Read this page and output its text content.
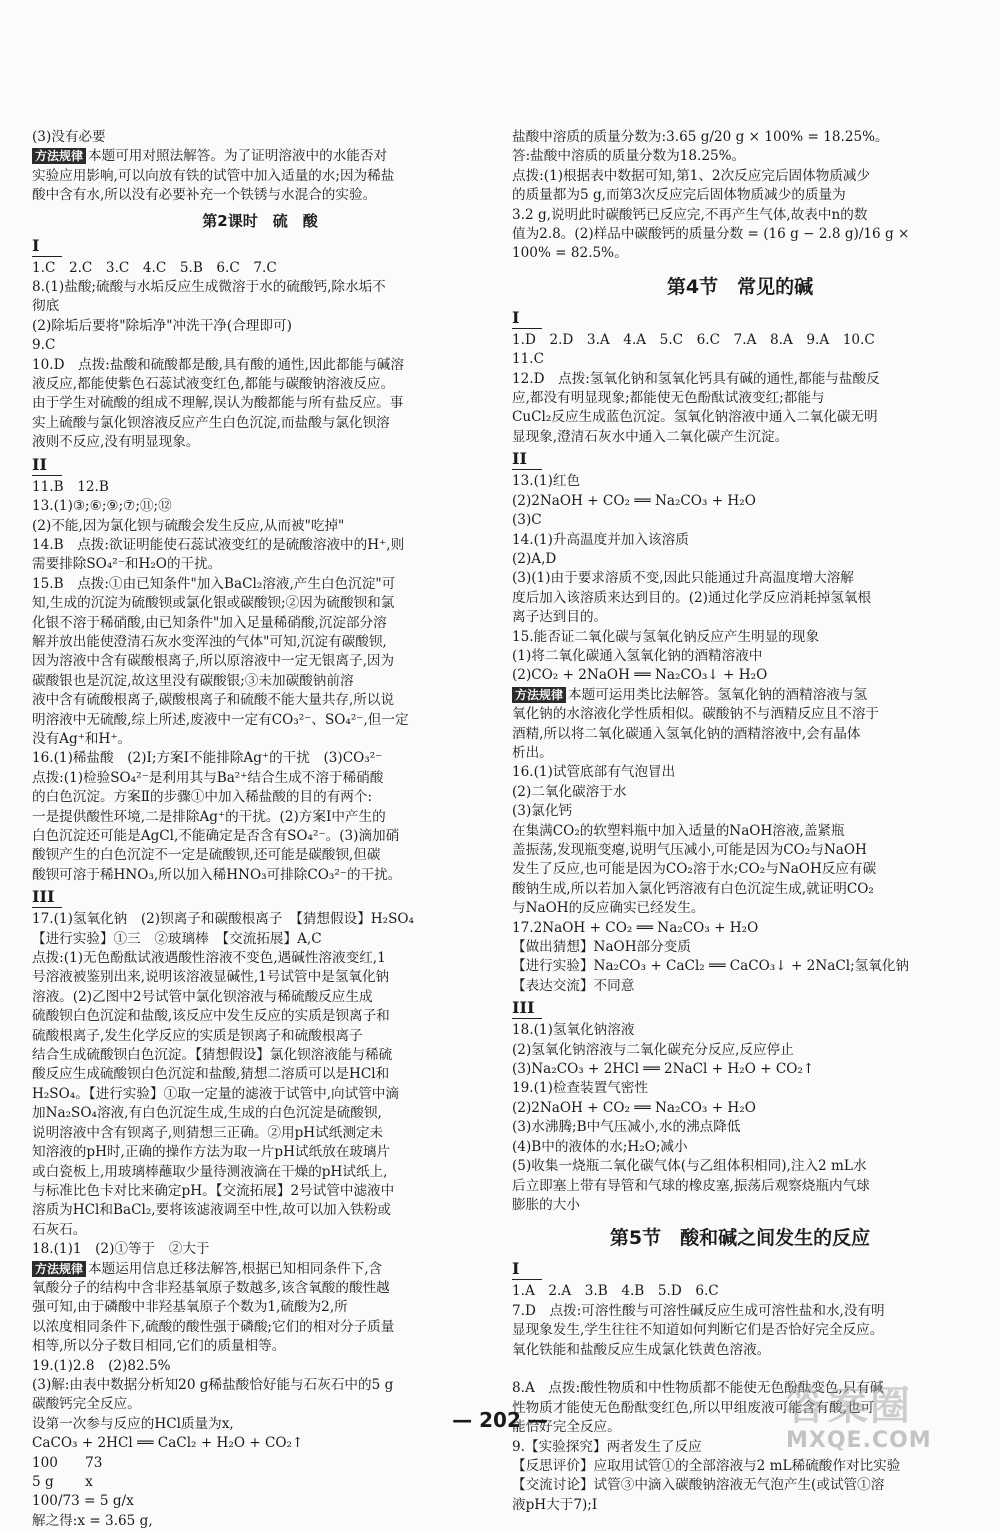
(3)没有必要
方法规律 本题可用对照法解答。为了证明溶液中的水能否对
实验应用影响,可以向放有铁的试管中加入适量的水;因为稀盐
酸中含有水,所以没有必要补充一个铁锈与水混合的实验。
第2课时　硫　酸
I
1.C　2.C　3.C　4.C　5.B　6.C　7.C
8.(1)盐酸;硫酸与水垢反应生成微溶于水的硫酸钙,除水垢不
彻底
(2)除垢后要将"除垢净"冲洗干净(合理即可)
9.C
10.D　点拨:盐酸和硫酸都是酸,具有酸的通性,因此都能与碱溶
液反应,都能使紫色石蕊试液变红色,都能与碳酸钠溶液反应。
由于学生对硫酸的组成不理解,误认为酸都能与所有盐反应。事
实上硫酸与氯化钡溶液反应产生白色沉淀,而盐酸与氯化钡溶
液则不反应,没有明显现象。
II
11.B　12.B
13.(1)③;⑥;⑨;⑦;⑪;⑫
(2)不能,因为氯化钡与硫酸会发生反应,从而被"吃掉"
14.B　点拨:欲证明能使石蕊试液变红的是硫酸溶液中的H⁺,则
需要排除SO₄²⁻和H₂O的干扰。
15.B　点拨:①由已知条件"加入BaCl₂溶液,产生白色沉淀"可
知,生成的沉淀为硫酸钡或氯化银或碳酸钡;②因为硫酸钡和氯
化银不溶于稀硝酸,由已知条件"加入足量稀硝酸,沉淀部分溶
解并放出能使澄清石灰水变浑浊的气体"可知,沉淀有碳酸钡,
因为溶液中含有碳酸根离子,所以原溶液中一定无银离子,因为
碳酸银也是沉淀,故这里没有碳酸银;③未加碳酸钠前溶
液中含有硫酸根离子,碳酸根离子和硫酸不能大量共存,所以说
明溶液中无硫酸,综上所述,废液中一定有CO₃²⁻、SO₄²⁻,但一定
没有Ag⁺和H⁺。
16.(1)稀盐酸　(2)Ⅰ;方案Ⅰ不能排除Ag⁺的干扰　(3)CO₃²⁻
点拨:(1)检验SO₄²⁻是利用其与Ba²⁺结合生成不溶于稀硝酸
的白色沉淀。方案Ⅱ的步骤①中加入稀盐酸的目的有两个:
一是提供酸性环境,二是排除Ag⁺的干扰。(2)方案Ⅰ中产生的
白色沉淀还可能是AgCl,不能确定是否含有SO₄²⁻。(3)滴加硝
酸钡产生的白色沉淀不一定是硫酸钡,还可能是碳酸钡,但碳
酸钡可溶于稀HNO₃,所以加入稀HNO₃可排除CO₃²⁻的干扰。
III
17.(1)氢氧化钠　(2)钡离子和碳酸根离子　【猜想假设】H₂SO₄
【进行实验】①三　②玻璃棒　【交流拓展】A,C
点拨:(1)无色酚酞试液遇酸性溶液不变色,遇碱性溶液变红,1
号溶液被鉴别出来,说明该溶液显碱性,1号试管中是氢氧化钠
溶液。(2)乙图中2号试管中氯化钡溶液与稀硫酸反应生成
硫酸钡白色沉淀和盐酸,该反应中发生反应的实质是钡离子和
硫酸根离子,发生化学反应的实质是钡离子和硫酸根离子
结合生成硫酸钡白色沉淀。【猜想假设】氯化钡溶液能与稀硫
酸反应生成硫酸钡白色沉淀和盐酸,猜想二溶质可以是HCl和
H₂SO₄。【进行实验】①取一定量的滤液于试管中,向试管中滴
加Na₂SO₄溶液,有白色沉淀生成,生成的白色沉淀是硫酸钡,
说明溶液中含有钡离子,则猜想三正确。②用pH试纸测定未
知溶液的pH时,正确的操作方法为取一片pH试纸放在玻璃片
或白瓷板上,用玻璃棒蘸取少量待测液滴在干燥的pH试纸上,
与标准比色卡对比来确定pH。【交流拓展】2号试管中滤液中
溶质为HCl和BaCl₂,要将该滤液调至中性,故可以加入铁粉或
石灰石。
18.(1)1　(2)①等于　②大于
方法规律 本题运用信息迁移法解答,根据已知相同条件下,含
氧酸分子的结构中含非羟基氧原子数越多,该含氧酸的酸性越
强可知,由于磷酸中非羟基氧原子个数为1,硫酸为2,所
以浓度相同条件下,硫酸的酸性强于磷酸;它们的相对分子质量
相等,所以分子数目相同,它们的质量相等。
19.(1)2.8　(2)82.5%
(3)解:由表中数据分析知20 g稀盐酸恰好能与石灰石中的5 g
碳酸钙完全反应。
设第一次参与反应的HCl质量为x,
CaCO₃ + 2HCl ══ CaCl₂ + H₂O + CO₂↑
100　　73
5 g　　 x
100/73 = 5 g/x
解之得:x = 3.65 g,
盐酸中溶质的质量分数为:3.65 g/20 g × 100% = 18.25%。
答:盐酸中溶质的质量分数为18.25%。
点拨:(1)根据表中数据可知,第1、2次反应完后固体物质减少
的质量都为5 g,而第3次反应完后固体物质减少的质量为
3.2 g,说明此时碳酸钙已反应完,不再产生气体,故表中n的数
值为2.8。(2)样品中碳酸钙的质量分数 = (16 g − 2.8 g)/16 g ×
100% = 82.5%。
第4节　常见的碱
I
1.D　2.D　3.A　4.A　5.C　6.C　7.A　8.A　9.A　10.C
11.C
12.D　点拨:氢氧化钠和氢氧化钙具有碱的通性,都能与盐酸反
应,都没有明显现象;都能使无色酚酞试液变红;都能与
CuCl₂反应生成蓝色沉淀。氢氧化钠溶液中通入二氧化碳无明
显现象,澄清石灰水中通入二氧化碳产生沉淀。
II
13.(1)红色
(2)2NaOH + CO₂ ══ Na₂CO₃ + H₂O
(3)C
14.(1)升高温度并加入该溶质
(2)A,D
(3)(1)由于要求溶质不变,因此只能通过升高温度增大溶解
度后加入该溶质来达到目的。(2)通过化学反应消耗掉氢氧根
离子达到目的。
15.能否证二氧化碳与氢氧化钠反应产生明显的现象
(1)将二氧化碳通入氢氧化钠的酒精溶液中
(2)CO₂ + 2NaOH ══ Na₂CO₃↓ + H₂O
方法规律 本题可运用类比法解答。氢氧化钠的酒精溶液与氢
氧化钠的水溶液化学性质相似。碳酸钠不与酒精反应且不溶于
酒精,所以将二氧化碳通入氢氧化钠的酒精溶液中,会有晶体
析出。
16.(1)试管底部有气泡冒出
(2)二氧化碳溶于水
(3)氯化钙
在集满CO₂的软塑料瓶中加入适量的NaOH溶液,盖紧瓶
盖振荡,发现瓶变瘪,说明气压减小,可能是因为CO₂与NaOH
发生了反应,也可能是因为CO₂溶于水;CO₂与NaOH反应有碳
酸钠生成,所以若加入氯化钙溶液有白色沉淀生成,就证明CO₂
与NaOH的反应确实已经发生。
17.2NaOH + CO₂ ══ Na₂CO₃ + H₂O
【做出猜想】NaOH部分变质
【进行实验】Na₂CO₃ + CaCl₂ ══ CaCO₃↓ + 2NaCl;氢氧化钠
【表达交流】不同意
III
18.(1)氢氧化钠溶液
(2)氢氧化钠溶液与二氧化碳充分反应,反应停止
(3)Na₂CO₃ + 2HCl ══ 2NaCl + H₂O + CO₂↑
19.(1)检查装置气密性
(2)2NaOH + CO₂ ══ Na₂CO₃ + H₂O
(3)水沸腾;B中气压减小,水的沸点降低
(4)B中的液体的水;H₂O;减小
(5)收集一烧瓶二氧化碳气体(与乙组体积相同),注入2 mL水
后立即塞上带有导管和气球的橡皮塞,振荡后观察烧瓶内气球
膨胀的大小
第5节　酸和碱之间发生的反应
I
1.A　2.A　3.B　4.B　5.D　6.C
7.D　点拨:可溶性酸与可溶性碱反应生成可溶性盐和水,没有明
显现象发生,学生往往不知道如何判断它们是否恰好完全反应。
氧化铁能和盐酸反应生成氯化铁黄色溶液。

8.A　点拨:酸性物质和中性物质都不能使无色酚酞变色,只有碱
性物质才能使无色酚酞变红色,所以甲组废液可能含有酸,也可
能恰好完全反应。
9.【实验探究】两者发生了反应
【反思评价】应取用试管①的全部溶液与2 mL稀硫酸作对比实验
【交流讨论】试管③中滴入碳酸钠溶液无气泡产生(或试管①溶
液pH大于7);I
— 202 —	答案圈
MXQE.COM
